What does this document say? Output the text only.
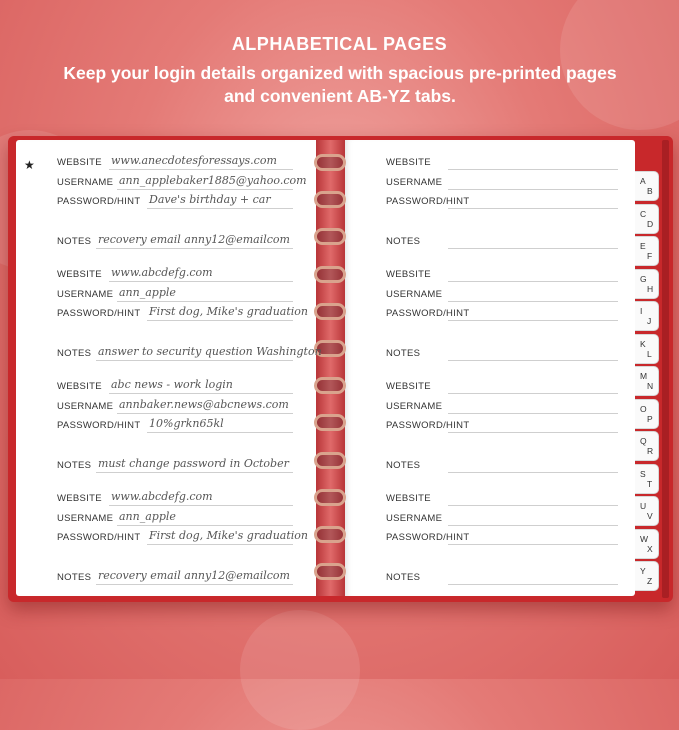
ALPHABETICAL PAGES
Keep your login details organized with spacious pre-printed pages and convenient AB-YZ tabs.
★ WEBSITE www.anecdotesforessays.com
USERNAME ann_applebaker1885@yahoo.com
PASSWORD/HINT Dave's birthday + car
NOTES recovery email anny12@emailcom
WEBSITE www.abcdefg.com
USERNAME ann_apple
PASSWORD/HINT First dog, Mike's graduation
NOTES answer to security question Washington
WEBSITE abc news - work login
USERNAME annbaker.news@abcnews.com
PASSWORD/HINT 10%grkn65kl
NOTES must change password in October
WEBSITE www.abcdefg.com
USERNAME ann_apple
PASSWORD/HINT First dog, Mike's graduation
NOTES recovery email anny12@emailcom
WEBSITE
USERNAME
PASSWORD/HINT
NOTES
WEBSITE
USERNAME
PASSWORD/HINT
NOTES
WEBSITE
USERNAME
PASSWORD/HINT
NOTES
WEBSITE
USERNAME
PASSWORD/HINT
NOTES
A
B
C
D
E
F
G
H
I
J
K
L
M
N
O
P
Q
R
S
T
U
V
W
X
Y
Z
